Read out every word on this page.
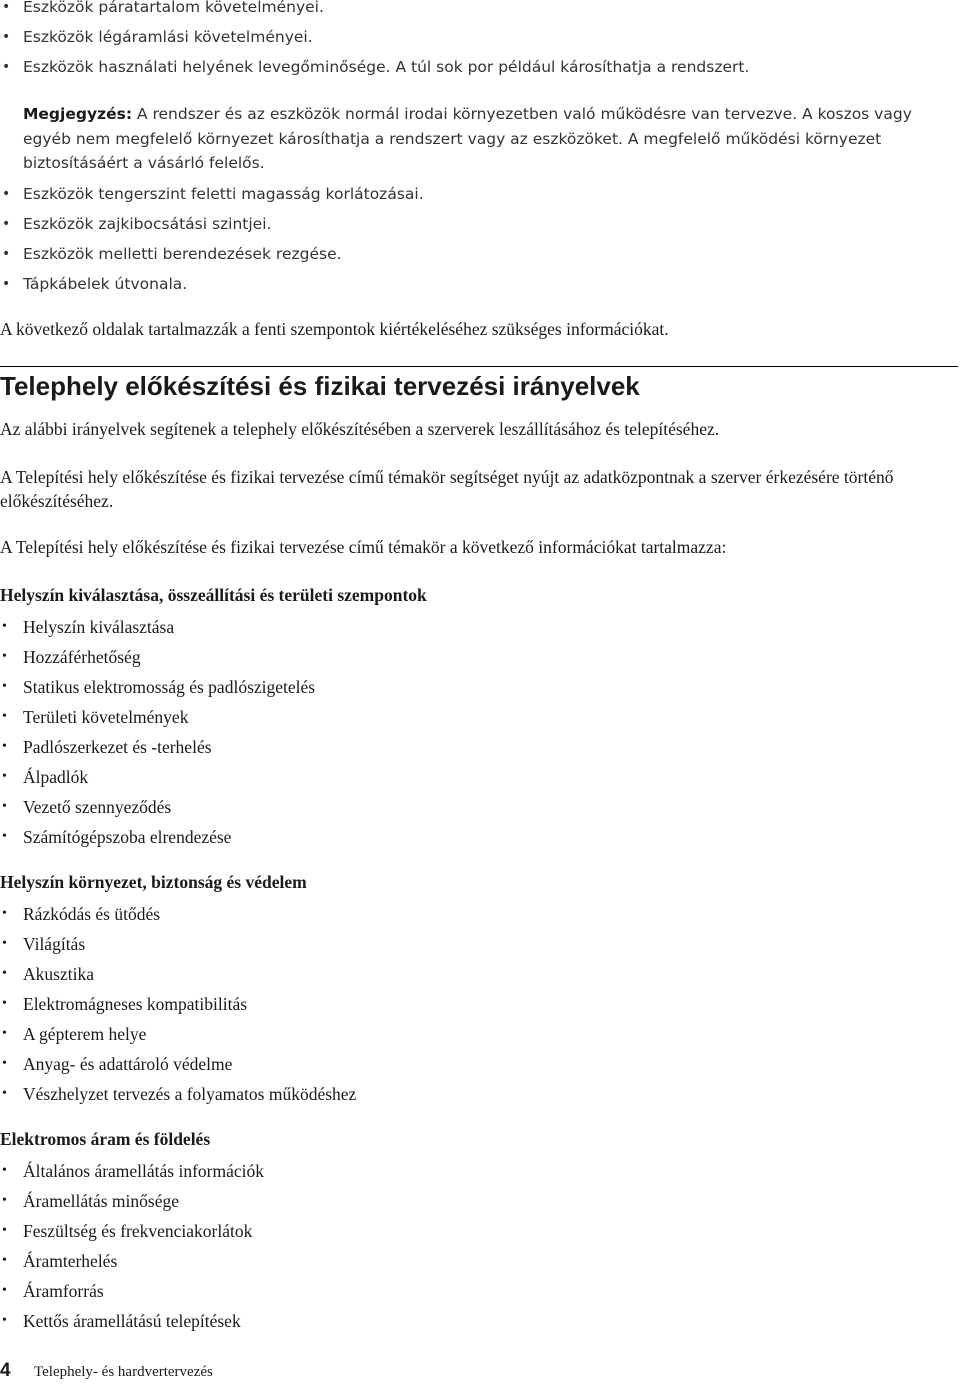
• Eszközök páratartalom követelményei.
• Eszközök légáramlási követelményei.
• Eszközök használati helyének levegőminősége. A túl sok por például károsíthatja a rendszert.
Megjegyzés: A rendszer és az eszközök normál irodai környezetben való működésre van tervezve. A koszos vagy egyéb nem megfelelő környezet károsíthatja a rendszert vagy az eszközöket. A megfelelő működési környezet biztosításáért a vásárló felelős.
• Eszközök tengerszint feletti magasság korlátozásai.
• Eszközök zajkibocsátási szintjei.
• Eszközök melletti berendezések rezgése.
• Tápkábelek útvonala.
A következő oldalak tartalmazzák a fenti szempontok kiértékeléséhez szükséges információkat.
Telephely előkészítési és fizikai tervezési irányelvek
Az alábbi irányelvek segítenek a telephely előkészítésében a szerverek leszállításához és telepítéséhez.
A Telepítési hely előkészítése és fizikai tervezése című témakör segítséget nyújt az adatközpontnak a szerver érkezésére történő előkészítéséhez.
A Telepítési hely előkészítése és fizikai tervezése című témakör a következő információkat tartalmazza:
Helyszín kiválasztása, összeállítási és területi szempontok
• Helyszín kiválasztása
• Hozzáférhetőség
• Statikus elektromosság és padlószigetelés
• Területi követelmények
• Padlószerkezet és -terhelés
• Álpadlók
• Vezető szennyeződés
• Számítógépszoba elrendezése
Helyszín környezet, biztonság és védelem
• Rázkódás és ütődés
• Világítás
• Akusztika
• Elektromágneses kompatibilitás
• A gépterem helye
• Anyag- és adattároló védelme
• Vészhelyzet tervezés a folyamatos működéshez
Elektromos áram és földelés
• Általános áramellátás információk
• Áramellátás minősége
• Feszültség és frekvenciakorlátok
• Áramterhelés
• Áramforrás
• Kettős áramellátású telepítések
4 Telephely- és hardvertervezés
